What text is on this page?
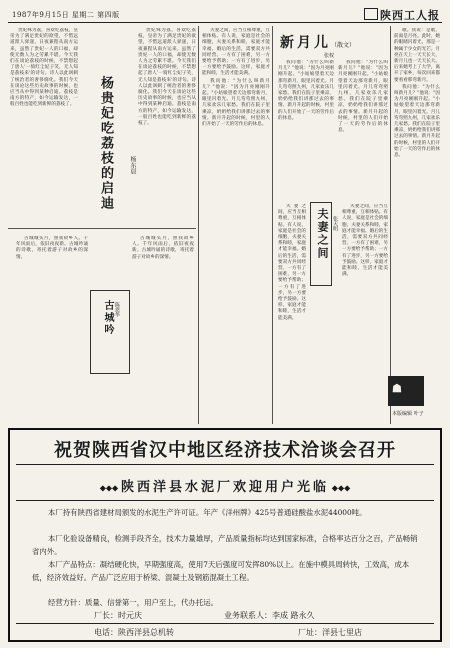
1987年9月15日 星期二 第四版	陕西工人报

贵妃殊为荔，喜欢吃荔枝，皇帝为了满足贵妃的欲望，不惜远道派人驿递，日夜兼程从南方运来，虽然了贵妃一人的口福，却使无数人为之劳累不堪。今天我们在谈论荔枝的时候，不禁想起了唐人'一骑红尘妃子笑，无人知是荔枝来'的诗句。诗人以此讽刺了统治者的奢侈腐化。我们今天在谈论这些历史故事的时候，也应当从中得到某种启迪。荔枝是南方的特产，如今运输发达，一般百姓也能吃到新鲜的荔枝了。 杨贵妃吃荔枝的启迪	杨东晨

贵妃殊为荔，喜欢吃荔枝，皇帝为了满足贵妃的欲望，不惜远道派人驿递，日夜兼程从南方运来，虽然了贵妃一人的口福，却使无数人为之劳累不堪。今天我们在谈论荔枝的时候，不禁想起了唐人'一骑红尘妃子笑，无人知是荔枝来'的诗句。诗人以此讽刺了统治者的奢侈腐化。我们今天在谈论这些历史故事的时候，也应当从中得到某种启迪。荔枝是南方的特产，如今运输发达，一般百姓也能吃到新鲜的荔枝了。

古城城头月，照我故乡人。千年风雨后，依旧夜夜新。古城吟诵的诗歌，寄托着游子对故乡的深情。

古城吟 陈恩华

古城城头月，照我故乡人。千年风雨后，依旧夜夜新。古城吟诵的诗歌，寄托着游子对故乡的深情。

夫妻之间，应当互相尊重，互相体贴。有人说，家庭是社会的细胞，夫妻关系和睦，家庭才能幸福。婚后的生活，需要双方共同经营。一方有了困难，另一方要给予帮助；一方有了进步，另一方要给予鼓励。这样，家庭才能和睦，生活才能美满。

我问他："为什么叫新月儿？"他说："因为月亮刚刚升起。"小姑娘望着天边那弯新月，眼里闪着光。月儿弯弯照九州，几家欢乐几家愁。我们在院子里乘凉，奶奶给我们讲那过去的事情。新月升起的时候，村里的人们开始了一天的劳作后的休息。

新月儿（散文）
张权

我问他："为什么叫新月儿？"他说："因为月亮刚刚升起。"小姑娘望着天边那弯新月，眼里闪着光。月儿弯弯照九州，几家欢乐几家愁。我们在院子里乘凉，奶奶给我们讲那过去的事情。新月升起的时候，村里的人们开始了一天的劳作后的休息。

我问他："为什么叫新月儿？"他说："因为月亮刚刚升起。"小姑娘望着天边那弯新月，眼里闪着光。月儿弯弯照九州，几家欢乐几家愁。我们在院子里乘凉，奶奶给我们讲那过去的事情。新月升起的时候，村里的人们开始了一天的劳作后的休息。

夫妻之间 张天明

夫妻之间，应当互相尊重，互相体贴。有人说，家庭是社会的细胞，夫妻关系和睦，家庭才能幸福。婚后的生活，需要双方共同经营。一方有了困难，另一方要给予帮助；一方有了进步，另一方要给予鼓励。这样，家庭才能和睦，生活才能美满。

夫妻之间，应当互相尊重，互相体贴。有人说，家庭是社会的细胞，夫妻关系和睦，家庭才能幸福。婚后的生活，需要双方共同经营。一方有了困难，另一方要给予帮助；一方有了进步，另一方要给予鼓励。这样，家庭才能和睦，生活才能美满。

歌。我说：是歌，前面是月亮。此时，她的眼睛闪着光，那是一种属于少女的光芒。月亮在天上一天天长大，新月儿也一天天长大。后来她考上了大学，离开了家乡，每次回来都要看看那弯新月。

我问他："为什么叫新月儿？"他说："因为月亮刚刚升起。"小姑娘望着天边那弯新月，眼里闪着光。月儿弯弯照九州，几家欢乐几家愁。我们在院子里乘凉，奶奶给我们讲那过去的事情。新月升起的时候，村里的人们开始了一天的劳作后的休息。

☗
本版编辑 叶子
祝贺陕西省汉中地区经济技术洽谈会召开
◆◆◆ 陕西洋县水泥厂欢迎用户光临 ◆◆◆

本厂持有陕西省建材局颁发的水泥生产许可证。年产《洋州牌》425号普通硅酸盐水泥44000吨。

本厂化验设备精良，检测手段齐全，技术力量雄厚，产品质量指标均达到国家标准，合格率达百分之百，产品畅销省内外。

本厂产品特点：凝结硬化快，早期强度高，使用7天后强度可发挥80%以上。在施中模具周转快，工效高，成本低，经济效益好。产品广泛应用于桥梁、混凝土及钢筋混凝土工程。

经营方针：质量、信誉第一，用户至上，代办托运。

厂长：时元庆	业务联系人：李成 路永久
电话：陕西洋县总机转	厂址：洋县七里店
